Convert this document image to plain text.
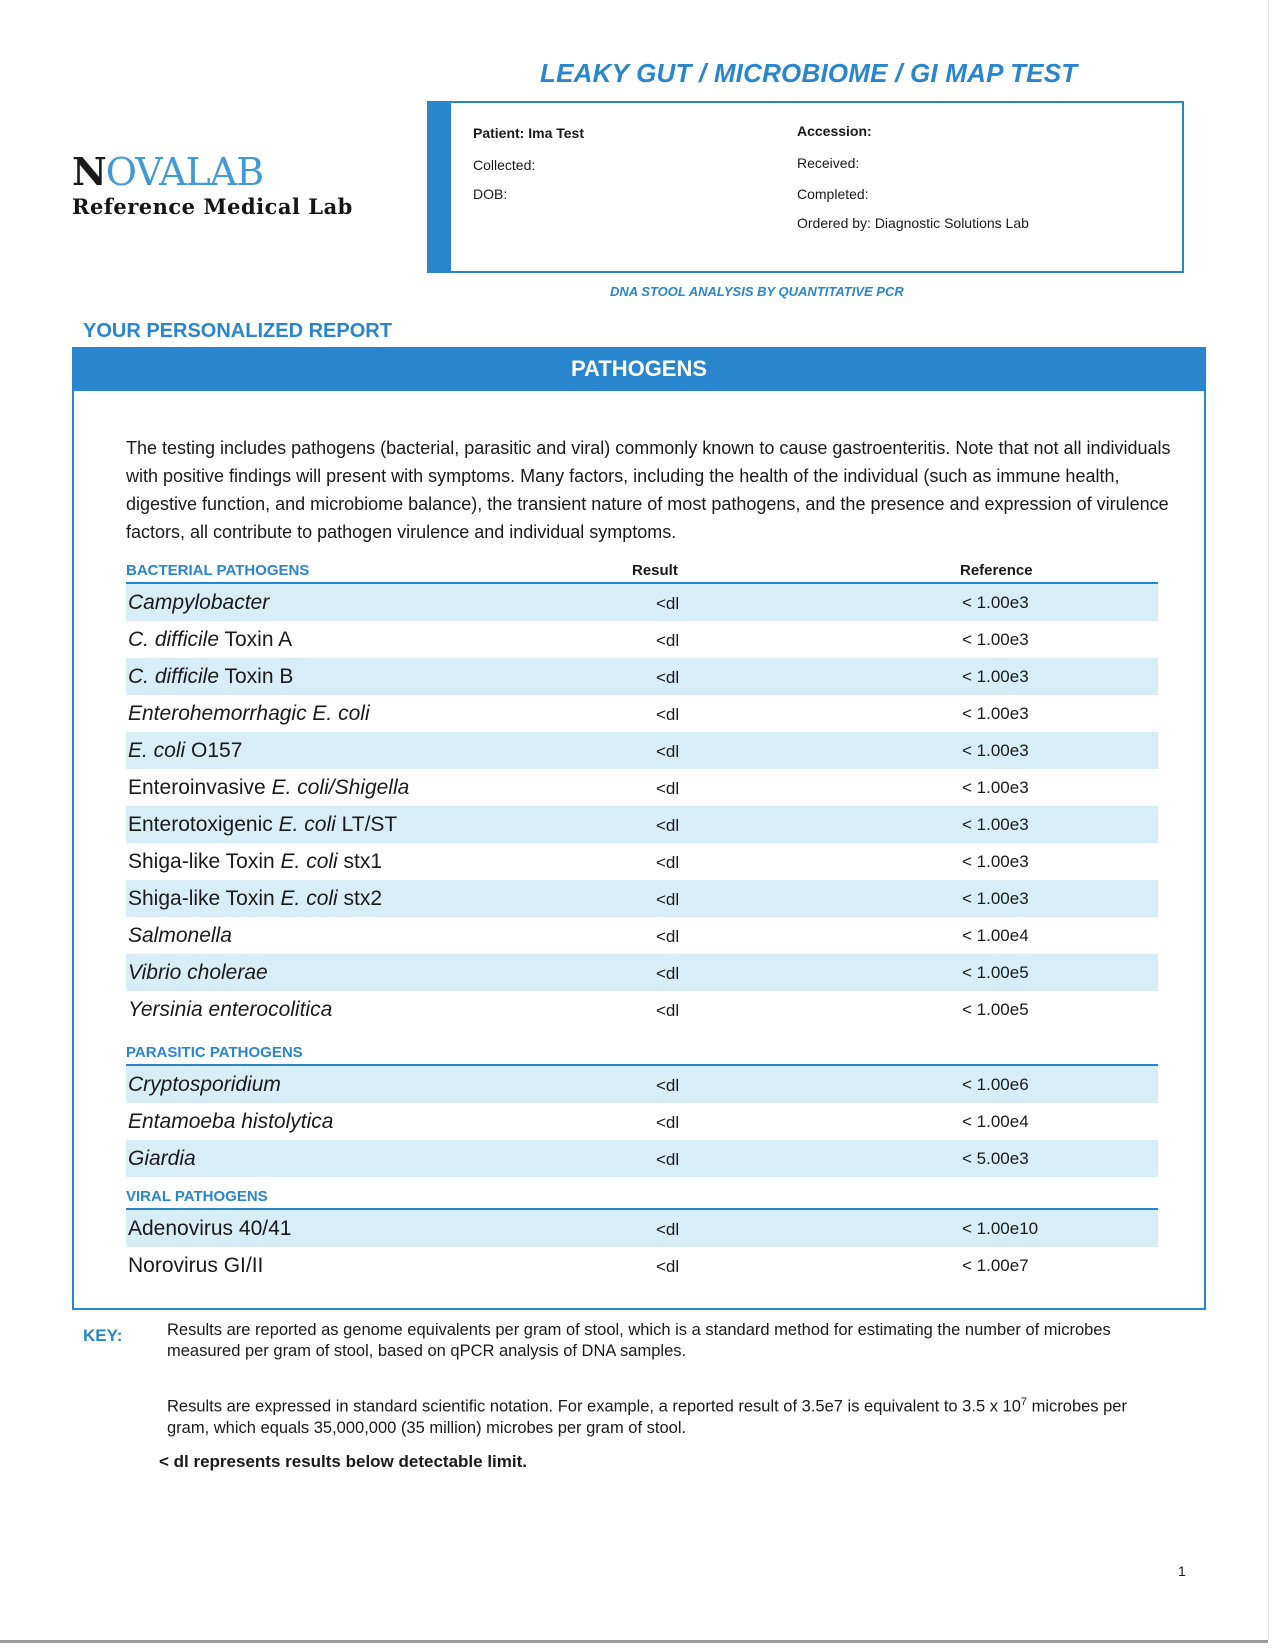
LEAKY GUT / MICROBIOME / GI MAP TEST
NOVALAB
Reference Medical Lab
Patient: Ima Test
Collected:
DOB:
Accession:
Received:
Completed:
Ordered by: Diagnostic Solutions Lab
DNA STOOL ANALYSIS BY QUANTITATIVE PCR
YOUR PERSONALIZED REPORT
PATHOGENS
The testing includes pathogens (bacterial, parasitic and viral) commonly known to cause gastroenteritis. Note that not all individuals with positive findings will present with symptoms. Many factors, including the health of the individual (such as immune health, digestive function, and microbiome balance), the transient nature of most pathogens, and the presence and expression of virulence factors, all contribute to pathogen virulence and individual symptoms.
BACTERIAL PATHOGENS	Result	Reference
Campylobacter	<dl	< 1.00e3
C. difficile Toxin A	<dl	< 1.00e3
C. difficile Toxin B	<dl	< 1.00e3
Enterohemorrhagic E. coli	<dl	< 1.00e3
E. coli O157	<dl	< 1.00e3
Enteroinvasive E. coli/Shigella	<dl	< 1.00e3
Enterotoxigenic E. coli LT/ST	<dl	< 1.00e3
Shiga-like Toxin E. coli stx1	<dl	< 1.00e3
Shiga-like Toxin E. coli stx2	<dl	< 1.00e3
Salmonella	<dl	< 1.00e4
Vibrio cholerae	<dl	< 1.00e5
Yersinia enterocolitica	<dl	< 1.00e5
PARASITIC PATHOGENS
Cryptosporidium	<dl	< 1.00e6
Entamoeba histolytica	<dl	< 1.00e4
Giardia	<dl	< 5.00e3
VIRAL PATHOGENS
Adenovirus 40/41	<dl	< 1.00e10
Norovirus GI/II	<dl	< 1.00e7
KEY:	Results are reported as genome equivalents per gram of stool, which is a standard method for estimating the number of microbes measured per gram of stool, based on qPCR analysis of DNA samples.
Results are expressed in standard scientific notation. For example, a reported result of 3.5e7 is equivalent to 3.5 x $10^7$ microbes per gram, which equals 35,000,000 (35 million) microbes per gram of stool.
< dl represents results below detectable limit.
1
